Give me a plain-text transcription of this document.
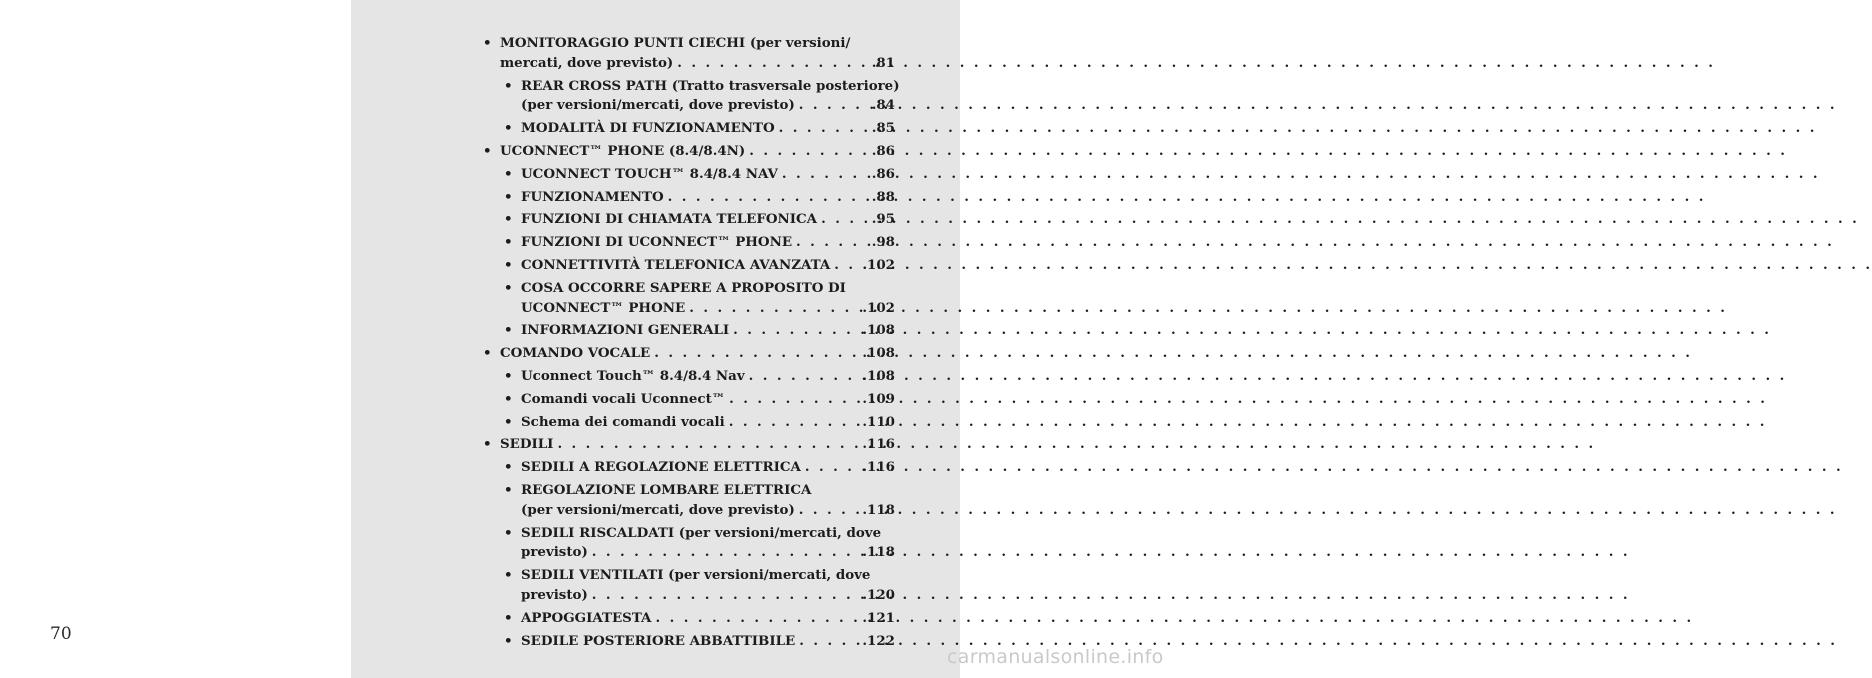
70
• MONITORAGGIO PUNTI CIECHI (per versioni/
mercati, dove previsto) . . .	.81
• REAR CROSS PATH (Tratto trasversale posteriore)
(per versioni/mercati, dove previsto) . . .	.84
• MODALITÀ DI FUNZIONAMENTO . . .	.85
• UCONNECT™ PHONE (8.4/8.4N) . . .	.86
• UCONNECT TOUCH™ 8.4/8.4 NAV . . .	.86
• FUNZIONAMENTO . . .	.88
• FUNZIONI DI CHIAMATA TELEFONICA . . .	.95
• FUNZIONI DI UCONNECT™ PHONE . . .	.98
• CONNETTIVITÀ TELEFONICA AVANZATA . . . .102
• COSA OCCORRE SAPERE A PROPOSITO DI
UCONNECT™ PHONE . . .	.102
• INFORMAZIONI GENERALI . . .	.108
• COMANDO VOCALE . . .	.108
• Uconnect Touch™ 8.4/8.4 Nav . . .	.108
• Comandi vocali Uconnect™ . . .	.109
• Schema dei comandi vocali . . .	.110
• SEDILI . . .	.116
• SEDILI A REGOLAZIONE ELETTRICA . . .	.116
• REGOLAZIONE LOMBARE ELETTRICA
(per versioni/mercati, dove previsto) . . .	.118
• SEDILI RISCALDATI (per versioni/mercati, dove
previsto) . . .	.118
• SEDILI VENTILATI (per versioni/mercati, dove
previsto) . . .	.120
• APPOGGIATESTA . . .	.121
• SEDILE POSTERIORE ABBATTIBILE . . .	.122
carmanualsonline.info
